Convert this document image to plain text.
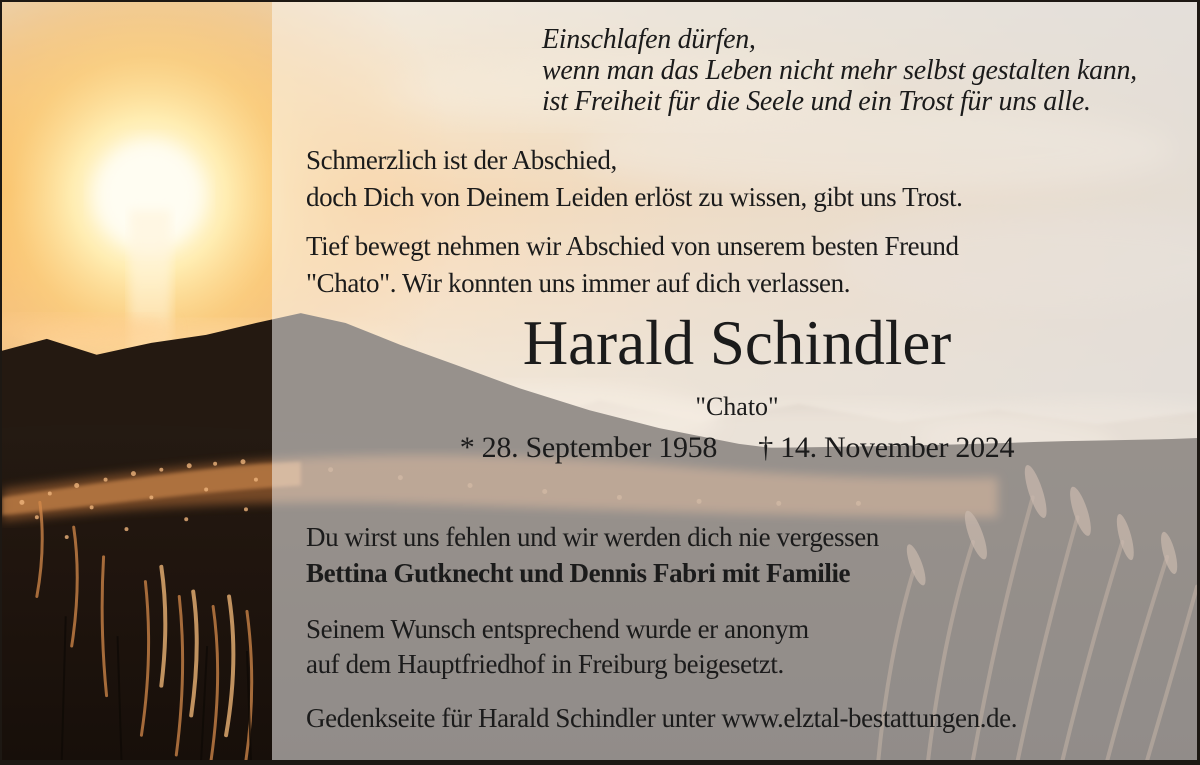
Einschlafen dürfen,
wenn man das Leben nicht mehr selbst gestalten kann,
ist Freiheit für die Seele und ein Trost für uns alle.
Schmerzlich ist der Abschied,
doch Dich von Deinem Leiden erlöst zu wissen, gibt uns Trost.
Tief bewegt nehmen wir Abschied von unserem besten Freund
"Chato". Wir konnten uns immer auf dich verlassen.
Harald Schindler
"Chato"
* 28. September 1958 † 14. November 2024
Du wirst uns fehlen und wir werden dich nie vergessen
Bettina Gutknecht und Dennis Fabri mit Familie
Seinem Wunsch entsprechend wurde er anonym
auf dem Hauptfriedhof in Freiburg beigesetzt.
Gedenkseite für Harald Schindler unter www.elztal-bestattungen.de.
